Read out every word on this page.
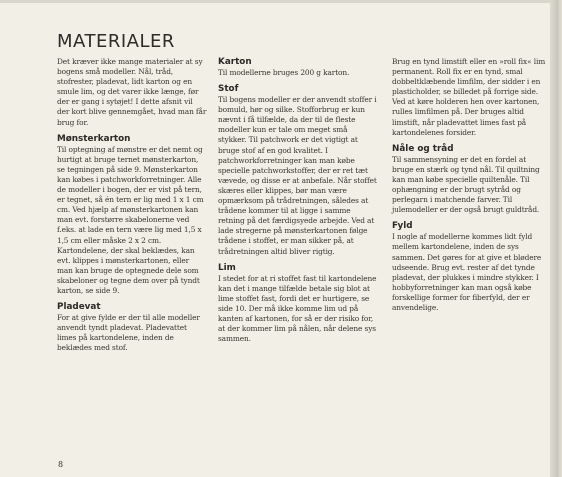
MATERIALER

Det kræver ikke mange materialer at sy bogens små modeller. Nål, tråd, stofrester, pladevat, lidt karton og en smule lim, og det varer ikke længe, før der er gang i sytøjet! I dette afsnit vil der kort blive gennemgået, hvad man får brug for.

Mønsterkarton

Til optegning af mønstre er det nemt og hurtigt at bruge ternet mønsterkarton, se tegningen på side 9. Mønsterkarton kan købes i patchworkforretninger. Alle de modeller i bogen, der er vist på tern, er tegnet, så én tern er lig med 1 x 1 cm cm. Ved hjælp af mønsterkartonen kan man evt. forstørre skabelonerne ved f.eks. at lade en tern være lig med 1,5 x 1,5 cm eller måske 2 x 2 cm. Kartondelene, der skal beklædes, kan evt. klippes i mønsterkartonen, eller man kan bruge de optegnede dele som skabeloner og tegne dem over på tyndt karton, se side 9.

Pladevat

For at give fylde er der til alle modeller anvendt tyndt pladevat. Pladevattet limes på kartondelene, inden de beklædes med stof.

Karton

Til modellerne bruges 200 g karton.

Stof

Til bogens modeller er der anvendt stoffer i bomuld, hør og silke. Stofforbrug er kun nævnt i få tilfælde, da der til de fleste modeller kun er tale om meget små stykker. Til patchwork er det vigtigt at bruge stof af en god kvalitet. I patchworkforretninger kan man købe specielle patchworkstoffer, der er ret tæt vævede, og disse er at anbefale. Når stoffet skæres eller klippes, bør man være opmærksom på trådretningen, således at trådene kommer til at ligge i samme retning på det færdigsyede arbejde. Ved at lade stregerne på mønsterkartonen følge trådene i stoffet, er man sikker på, at trådretningen altid bliver rigtig.

Lim

I stedet for at ri stoffet fast til kartondelene kan det i mange tilfælde betale sig blot at lime stoffet fast, fordi det er hurtigere, se side 10. Der må ikke komme lim ud på kanten af kartonen, for så er der risiko for, at der kommer lim på nålen, når delene sys sammen.

Brug en tynd limstift eller en »roll fix« lim permanent. Roll fix er en tynd, smal dobbeltklæbende limfilm, der sidder i en plasticholder, se billedet på forrige side. Ved at køre holderen hen over kartonen, rulles limfilmen på. Der bruges altid limstift, når pladevattet limes fast på kartondelenes forsider.

Nåle og tråd

Til sammensyning er det en fordel at bruge en stærk og tynd nål. Til quiltning kan man købe specielle quiltenåle. Til ophængning er der brugt sytråd og perlegarn i matchende farver. Til julemodeller er der også brugt guldtråd.

Fyld

I nogle af modellerne kommes lidt fyld mellem kartondelene, inden de sys sammen. Det gøres for at give et blødere udseende. Brug evt. rester af det tynde pladevat, der plukkes i mindre stykker. I hobbyforretninger kan man også købe forskellige former for fiberfyld, der er anvendelige.

8
